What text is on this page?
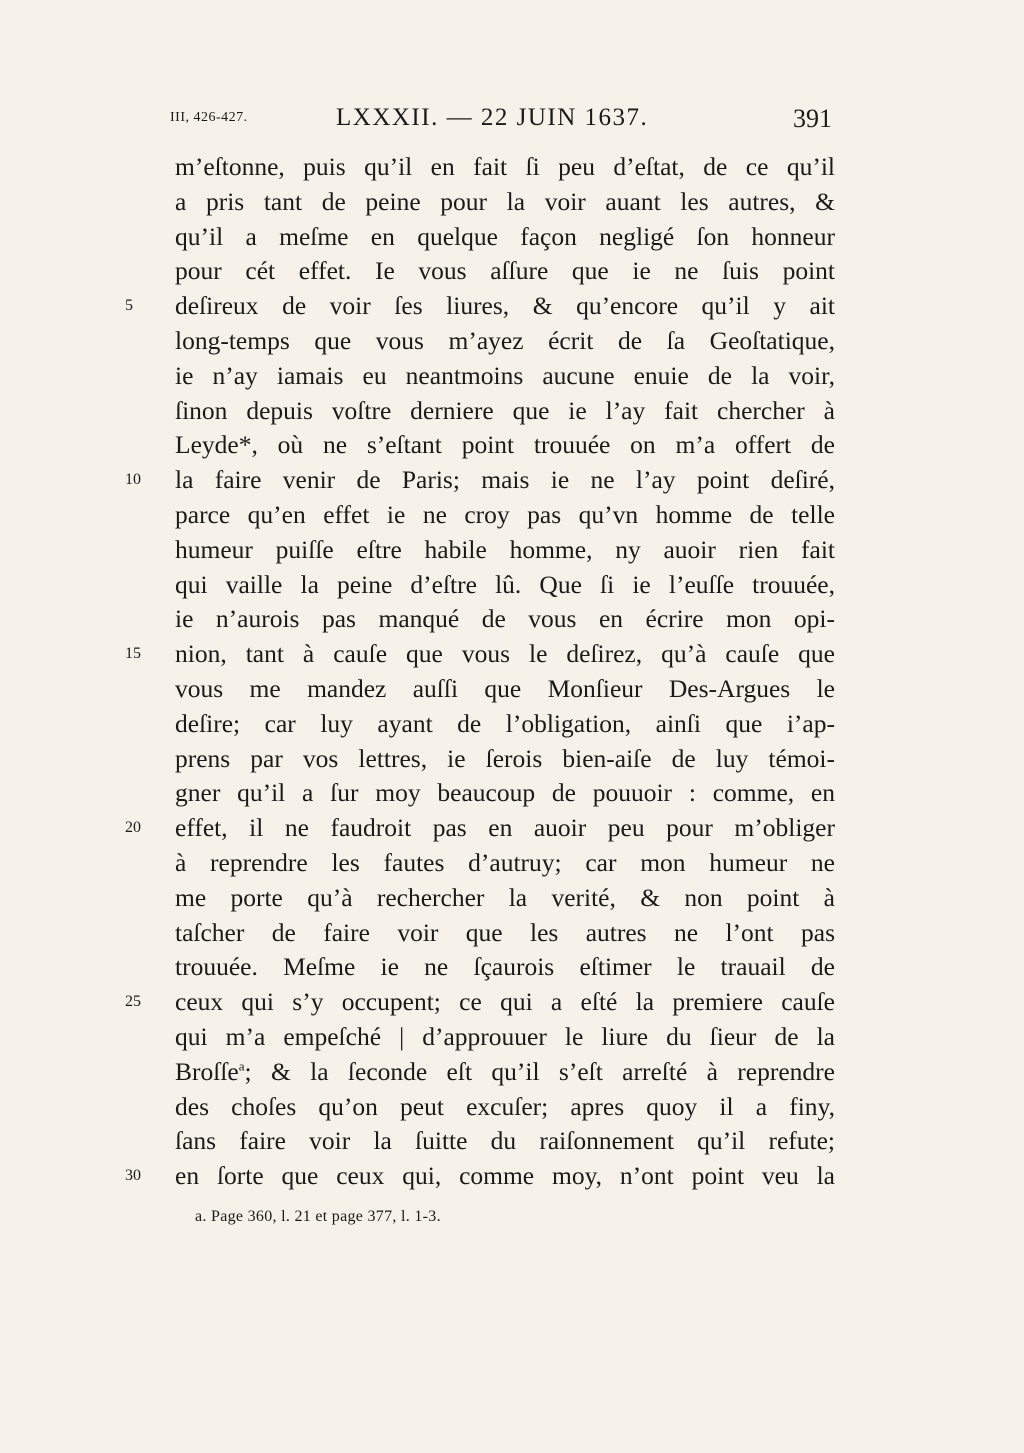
III, 426-427.	LXXXII. — 22 JUIN 1637.	391
m’eſtonne, puis qu’il en fait ſi peu d’eſtat, de ce qu’il
a pris tant de peine pour la voir auant les autres, &
qu’il a meſme en quelque façon negligé ſon honneur
pour cét effet. Ie vous aſſure que ie ne ſuis point
5	deſireux de voir ſes liures, & qu’encore qu’il y ait
long-temps que vous m’ayez écrit de ſa Geoſtatique,
ie n’ay iamais eu neantmoins aucune enuie de la voir,
ſinon depuis voſtre derniere que ie l’ay fait chercher à
Leyde*, où ne s’eſtant point trouuée on m’a offert de
10	la faire venir de Paris; mais ie ne l’ay point deſiré,
parce qu’en effet ie ne croy pas qu’vn homme de telle
humeur puiſſe eſtre habile homme, ny auoir rien fait
qui vaille la peine d’eſtre lû. Que ſi ie l’euſſe trouuée,
ie n’aurois pas manqué de vous en écrire mon opi-
15	nion, tant à cauſe que vous le deſirez, qu’à cauſe que
vous me mandez auſſi que Monſieur Des-Argues le
deſire; car luy ayant de l’obligation, ainſi que i’ap-
prens par vos lettres, ie ſerois bien-aiſe de luy témoi-
gner qu’il a ſur moy beaucoup de pouuoir : comme, en
20	effet, il ne faudroit pas en auoir peu pour m’obliger
à reprendre les fautes d’autruy; car mon humeur ne
me porte qu’à rechercher la verité, & non point à
taſcher de faire voir que les autres ne l’ont pas
trouuée. Meſme ie ne ſçaurois eſtimer le trauail de
25	ceux qui s’y occupent; ce qui a eſté la premiere cauſe
qui m’a empeſché | d’approuuer le liure du ſieur de la
Broſſe$^a$; & la ſeconde eſt qu’il s’eſt arreſté à reprendre
des choſes qu’on peut excuſer; apres quoy il a finy,
ſans faire voir la ſuitte du raiſonnement qu’il refute;
30	en ſorte que ceux qui, comme moy, n’ont point veu la
a. Page 360, l. 21 et page 377, l. 1-3.
